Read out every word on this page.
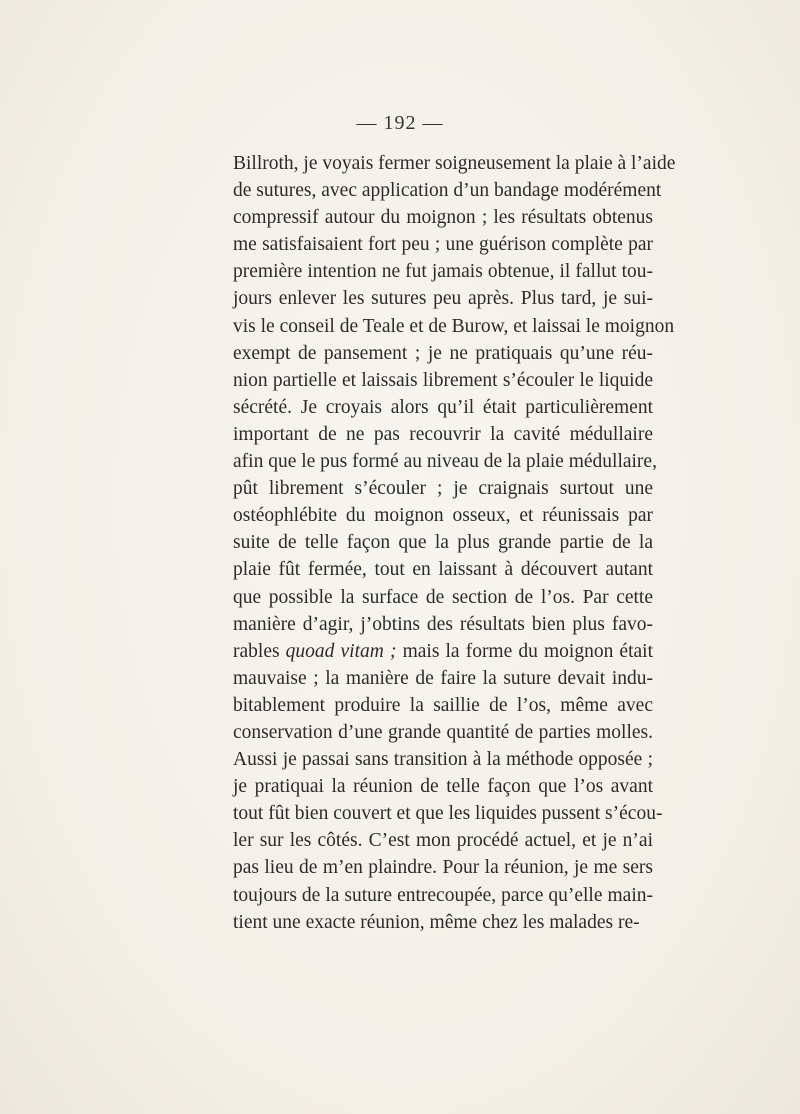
— 192 —
Billroth, je voyais fermer soigneusement la plaie à l’aide
de sutures, avec application d’un bandage modérément
compressif autour du moignon ; les résultats obtenus
me satisfaisaient fort peu ; une guérison complète par
première intention ne fut jamais obtenue, il fallut tou-
jours enlever les sutures peu après. Plus tard, je sui-
vis le conseil de Teale et de Burow, et laissai le moignon
exempt de pansement ; je ne pratiquais qu’une réu-
nion partielle et laissais librement s’écouler le liquide
sécrété. Je croyais alors qu’il était particulièrement
important de ne pas recouvrir la cavité médullaire
afin que le pus formé au niveau de la plaie médullaire,
pût librement s’écouler ; je craignais surtout une
ostéophlébite du moignon osseux, et réunissais par
suite de telle façon que la plus grande partie de la
plaie fût fermée, tout en laissant à découvert autant
que possible la surface de section de l’os. Par cette
manière d’agir, j’obtins des résultats bien plus favo-
rables quoad vitam ; mais la forme du moignon était
mauvaise ; la manière de faire la suture devait indu-
bitablement produire la saillie de l’os, même avec
conservation d’une grande quantité de parties molles.
Aussi je passai sans transition à la méthode opposée ;
je pratiquai la réunion de telle façon que l’os avant
tout fût bien couvert et que les liquides pussent s’écou-
ler sur les côtés. C’est mon procédé actuel, et je n’ai
pas lieu de m’en plaindre. Pour la réunion, je me sers
toujours de la suture entrecoupée, parce qu’elle main-
tient une exacte réunion, même chez les malades re-
